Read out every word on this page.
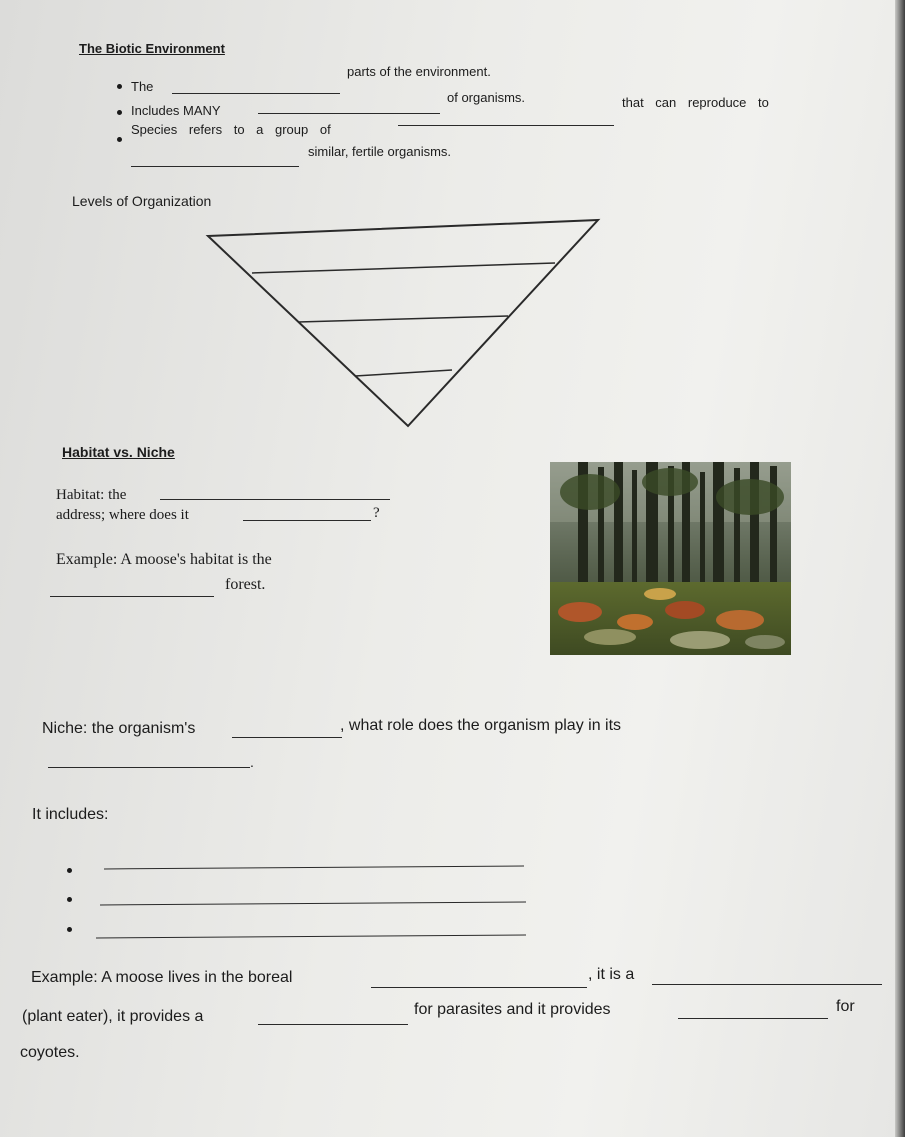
The Biotic Environment
The
parts of the environment.
Includes MANY
of organisms.
Species refers to a group of
that can reproduce to
similar, fertile organisms.
Levels of Organization
Habitat vs. Niche
Habitat: the
address; where does it	?
Example: A moose's habitat is the
forest.
Niche: the organism's	, what role does the organism play in its
.
It includes:
Example: A moose lives in the boreal	, it is a
(plant eater), it provides a	for parasites and it provides	for
coyotes.
